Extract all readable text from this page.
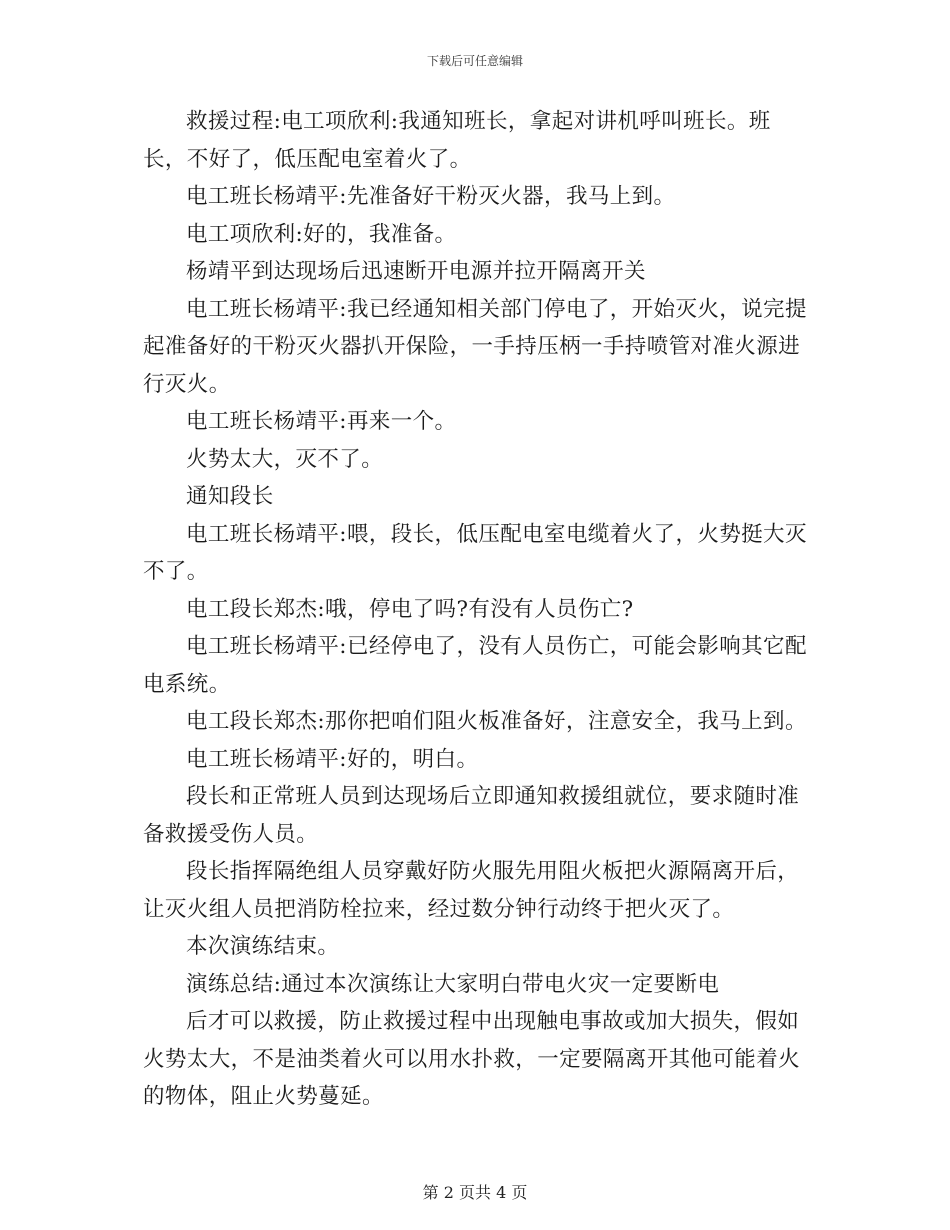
下载后可任意编辑

救援过程:电工项欣利:我通知班长，拿起对讲机呼叫班长。班长，不好了，低压配电室着火了。

电工班长杨靖平:先准备好干粉灭火器，我马上到。

电工项欣利:好的，我准备。

杨靖平到达现场后迅速断开电源并拉开隔离开关

电工班长杨靖平:我已经通知相关部门停电了，开始灭火，说完提起准备好的干粉灭火器扒开保险，一手持压柄一手持喷管对准火源进行灭火。

电工班长杨靖平:再来一个。

火势太大，灭不了。

通知段长

电工班长杨靖平:喂，段长，低压配电室电缆着火了，火势挺大灭不了。

电工段长郑杰:哦，停电了吗?有没有人员伤亡?

电工班长杨靖平:已经停电了，没有人员伤亡，可能会影响其它配电系统。

电工段长郑杰:那你把咱们阻火板准备好，注意安全，我马上到。

电工班长杨靖平:好的，明白。

段长和正常班人员到达现场后立即通知救援组就位，要求随时准备救援受伤人员。

段长指挥隔绝组人员穿戴好防火服先用阻火板把火源隔离开后，让灭火组人员把消防栓拉来，经过数分钟行动终于把火灭了。

本次演练结束。

演练总结:通过本次演练让大家明白带电火灾一定要断电

后才可以救援，防止救援过程中出现触电事故或加大损失，假如火势太大，不是油类着火可以用水扑救，一定要隔离开其他可能着火的物体，阻止火势蔓延。

第 2 页共 4 页
